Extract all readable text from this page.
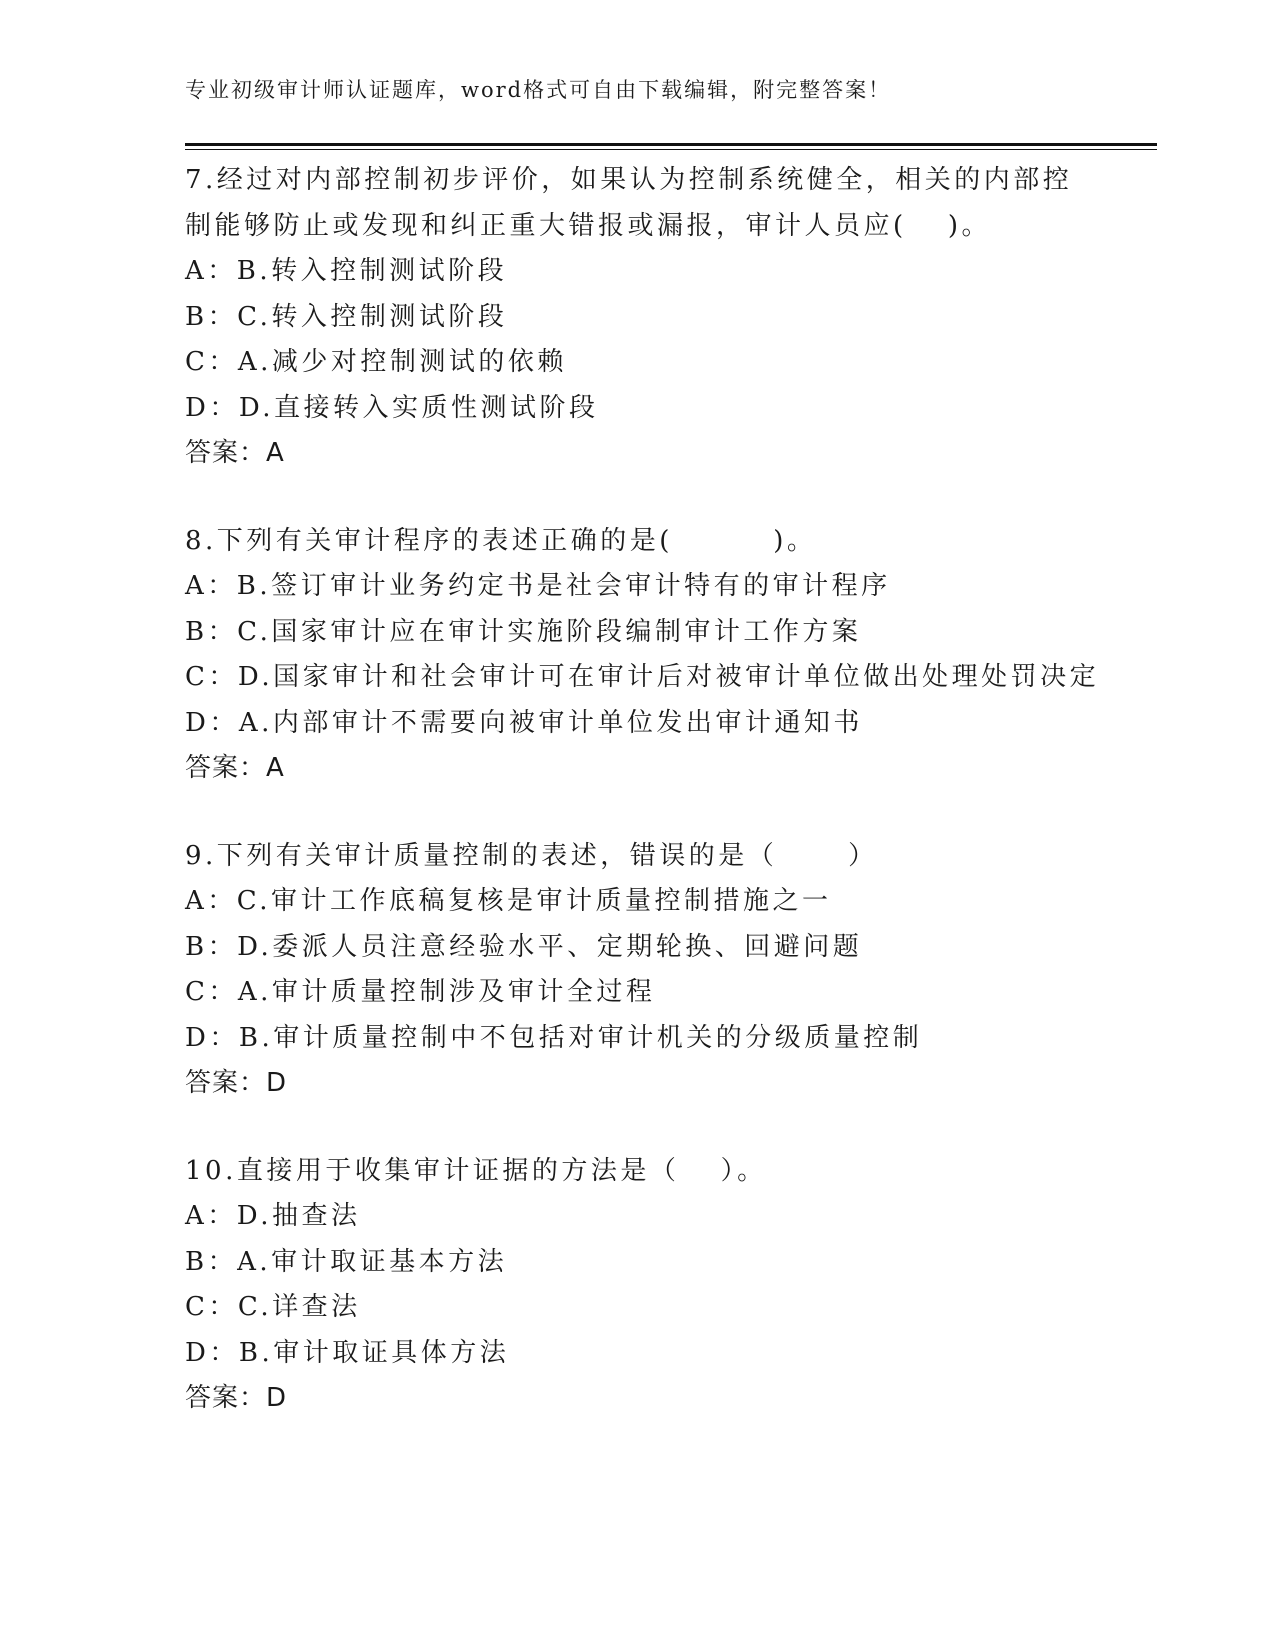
专业初级审计师认证题库，word格式可自由下载编辑，附完整答案！
7.经过对内部控制初步评价，如果认为控制系统健全，相关的内部控
制能够防止或发现和纠正重大错报或漏报，审计人员应(　 )。
A：B.转入控制测试阶段
B：C.转入控制测试阶段
C：A.减少对控制测试的依赖
D：D.直接转入实质性测试阶段
答案：A
8.下列有关审计程序的表述正确的是(　　　 )。
A：B.签订审计业务约定书是社会审计特有的审计程序
B：C.国家审计应在审计实施阶段编制审计工作方案
C：D.国家审计和社会审计可在审计后对被审计单位做出处理处罚决定
D：A.内部审计不需要向被审计单位发出审计通知书
答案：A
9.下列有关审计质量控制的表述，错误的是（　　 ）
A：C.审计工作底稿复核是审计质量控制措施之一
B：D.委派人员注意经验水平、定期轮换、回避问题
C：A.审计质量控制涉及审计全过程
D：B.审计质量控制中不包括对审计机关的分级质量控制
答案：D
10.直接用于收集审计证据的方法是（　 ）。
A：D.抽查法
B：A.审计取证基本方法
C：C.详查法
D：B.审计取证具体方法
答案：D
